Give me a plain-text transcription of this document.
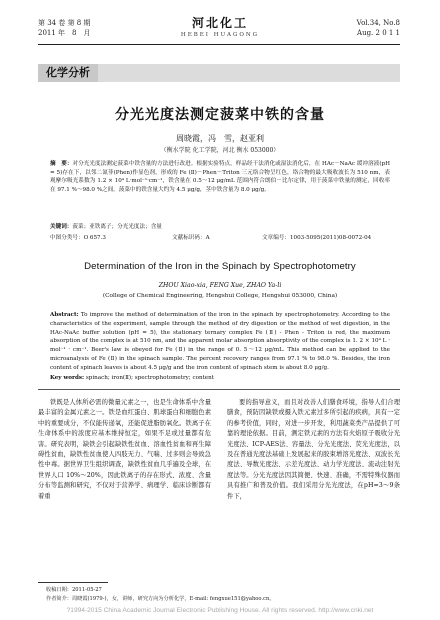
第 34 卷 第 8 期
2011 年　8　月
河北化工
HEBEI HUAGONG
Vol.34, No.8
Aug. 2 0 1 1
化学分析
分光光度法测定菠菜中铁的含量
周晓霞，冯　雪，赵亚利
（衡水学院 化工学院，河北 衡水 053000）
摘　要：对分光光度法测定菠菜中铁含量的方法进行改进。根据实验特点，样品经干法消化或湿法消化后，在 HAc－NaAc 缓冲溶液(pH = 5)存在下，以邻二氮菲(Phen)作显色剂，形成的 Fe (Ⅱ)－Phen－Triton 三元络合物呈红色，络合物的最大吸收波长为 510 nm，表观摩尔吸光系数为 1.2 × 10⁴ L·mol⁻¹·cm⁻¹，铁含量在 0.5～12 μg/mL 范围内符合朗伯－比尔定律，用于菠菜中铁量的测定，回收率在 97.1 %～98.0 %之间。菠菜中的铁含量大约为 4.5 μg/g，茎中铁含量为 8.0 μg/g。
关键词：菠菜；亚铁离子；分光光度法；含量
中图分类号：O 657.3	文献标识码：A	文章编号：1003-5095(2011)08-0072-04
Determination of the Iron in the Spinach by Spectrophotometry
ZHOU Xiao-xia, FENG Xue, ZHAO Ya-li
(College of Chemical Engineering, Hengshui College, Hengshui 053000, China)
Abstract: To improve the method of determination of the iron in the spinach by spectrophotometry. According to the characteristics of the experiment, sample through the method of dry digestion or the method of wet digestion, in the HAc-NaAc buffer solution (pH = 5), the stationary ternary complex Fe (Ⅱ) - Phen - Triton is red, the maximum absorption of the complex is at 510 nm, and the apparent molar absorption absorptivity of the complex is 1. 2 × 10⁴ L · mol⁻¹ · cm⁻¹. Beer's law is obeyed for Fe (Ⅱ) in the range of 0. 5～12 μg/mL. This method can be applied to the microanalysis of Fe (Ⅱ) in the spinach sample. The percent recovery ranges from 97.1 % to 98.0 %. Besides, the iron content of spinach leaves is about 4.5 μg/g and the iron content of spinach stem is about 8.0 μg/g.
Key words: spinach; iron(Ⅱ); spectrophotometry; content

铁既是人体所必需的微量元素之一，也是生命体系中含量最丰富的金属元素之一。铁是血红蛋白、肌球蛋白和细胞色素中的重要成分，不仅能传递氧，还能促进脂肪氧化。铁离子在生命体系中的浓度应基本维持恒定，如果不足或过量都有危害。研究表明，缺铁会引起缺铁性贫血、溶血性贫血和再生障碍性贫血，缺铁性贫血使人四肢无力、气喘、过多则会导致急性中毒。据世界卫生组织调查，缺铁性贫血几乎遍及全球，在世界人口 10%～20%，因此铁离子的存在形式、浓度、含量分布等监测和研究，不仅对于营养学、病理学、临床诊断都有着重

要的指导意义，而且对改善人们膳食环境，指导人们合理膳食，预防因缺铁或摄入铁元素过多所引起的疾病，具有一定的参考价值，同时，对进一步开发，利用蔬菜类产品提供了可靠的理论依据。目前，测定铁元素的方法有火焰原子吸收分光光度法、ICP-AES法、容量法、分光光度法、荧光光度法，以及在普通光度法基础上发展起来的胶束增溶光度法、双波长光度法、导数光度法、示差光度法、动力学光度法、流动注射光度法等。分光光度法因其简便、快速、准确，不需特殊仪器而具有推广和普及价值。我们采用分光光度法，在pH=3～9条件下，

收稿日期：2011-05-27
作者简介：周晓霞(1979-)，女，讲师，研究方向为分析化学，E-mail: fengxue151@yahoo.cn。
?1994-2015 China Academic Journal Electronic Publishing House. All rights reserved. http://www.cnki.net
